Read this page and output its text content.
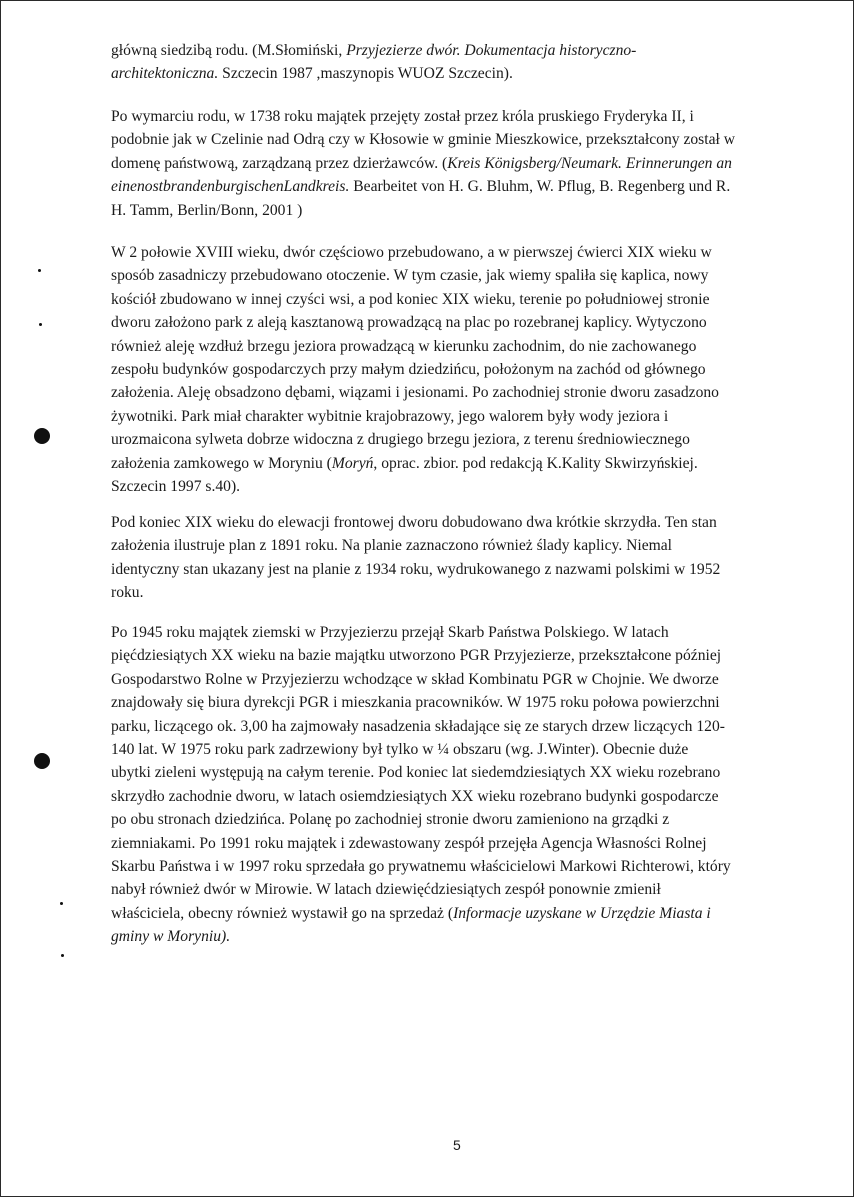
główną siedzibą rodu. (M.Słomiński, Przyjezierze dwór. Dokumentacja historyczno-
architektoniczna. Szczecin 1987 ,maszynopis WUOZ Szczecin).
Po wymarciu rodu, w 1738 roku majątek przejęty został przez króla pruskiego Fryderyka II, i
podobnie jak w Czelinie nad Odrą czy w Kłosowie w gminie Mieszkowice, przekształcony został w
domenę państwową, zarządzaną przez dzierżawców. (Kreis Königsberg/Neumark. Erinnerungen an
einenostbrandenburgischenLandkreis. Bearbeitet von H. G. Bluhm, W. Pflug, B. Regenberg und R.
H. Tamm, Berlin/Bonn, 2001 )
W 2 połowie XVIII wieku, dwór częściowo przebudowano, a w pierwszej ćwierci XIX wieku w
sposób zasadniczy przebudowano otoczenie. W tym czasie, jak wiemy spaliła się kaplica, nowy
kościół zbudowano w innej czyści wsi, a pod koniec XIX wieku, terenie po południowej stronie
dworu założono park z aleją kasztanową prowadzącą na plac po rozebranej kaplicy. Wytyczono
również aleję wzdłuż brzegu jeziora prowadzącą w kierunku zachodnim, do nie zachowanego
zespołu budynków gospodarczych przy małym dziedzińcu, położonym na zachód od głównego
założenia. Aleję obsadzono dębami, wiązami i jesionami. Po zachodniej stronie dworu zasadzono
żywotniki. Park miał charakter wybitnie krajobrazowy, jego walorem były wody jeziora i
urozmaicona sylweta dobrze widoczna z drugiego brzegu jeziora, z terenu średniowiecznego
założenia zamkowego w Moryniu (Moryń, oprac. zbior. pod redakcją K.Kality Skwirzyńskiej.
Szczecin 1997 s.40).
Pod koniec XIX wieku do elewacji frontowej dworu dobudowano dwa krótkie skrzydła. Ten stan
założenia ilustruje plan z 1891 roku. Na planie zaznaczono również ślady kaplicy. Niemal
identyczny stan ukazany jest na planie z 1934 roku, wydrukowanego z nazwami polskimi w 1952
roku.
Po 1945 roku majątek ziemski w Przyjezierzu przejął Skarb Państwa Polskiego. W latach
pięćdziesiątych XX wieku na bazie majątku utworzono PGR Przyjezierze, przekształcone później
Gospodarstwo Rolne w Przyjezierzu wchodzące w skład Kombinatu PGR w Chojnie. We dworze
znajdowały się biura dyrekcji PGR i mieszkania pracowników. W 1975 roku połowa powierzchni
parku, liczącego ok. 3,00 ha zajmowały nasadzenia składające się ze starych drzew liczących 120-
140 lat. W 1975 roku park zadrzewiony był tylko w ¼ obszaru (wg. J.Winter). Obecnie duże
ubytki zieleni występują na całym terenie. Pod koniec lat siedemdziesiątych XX wieku rozebrano
skrzydło zachodnie dworu, w latach osiemdziesiątych XX wieku rozebrano budynki gospodarcze
po obu stronach dziedzińca. Polanę po zachodniej stronie dworu zamieniono na grządki z
ziemniakami. Po 1991 roku majątek i zdewastowany zespół przejęła Agencja Własności Rolnej
Skarbu Państwa i w 1997 roku sprzedała go prywatnemu właścicielowi Markowi Richterowi, który
nabył również dwór w Mirowie. W latach dziewięćdziesiątych zespół ponownie zmienił
właściciela, obecny również wystawił go na sprzedaż (Informacje uzyskane w Urzędzie Miasta i
gminy w Moryniu).
5
